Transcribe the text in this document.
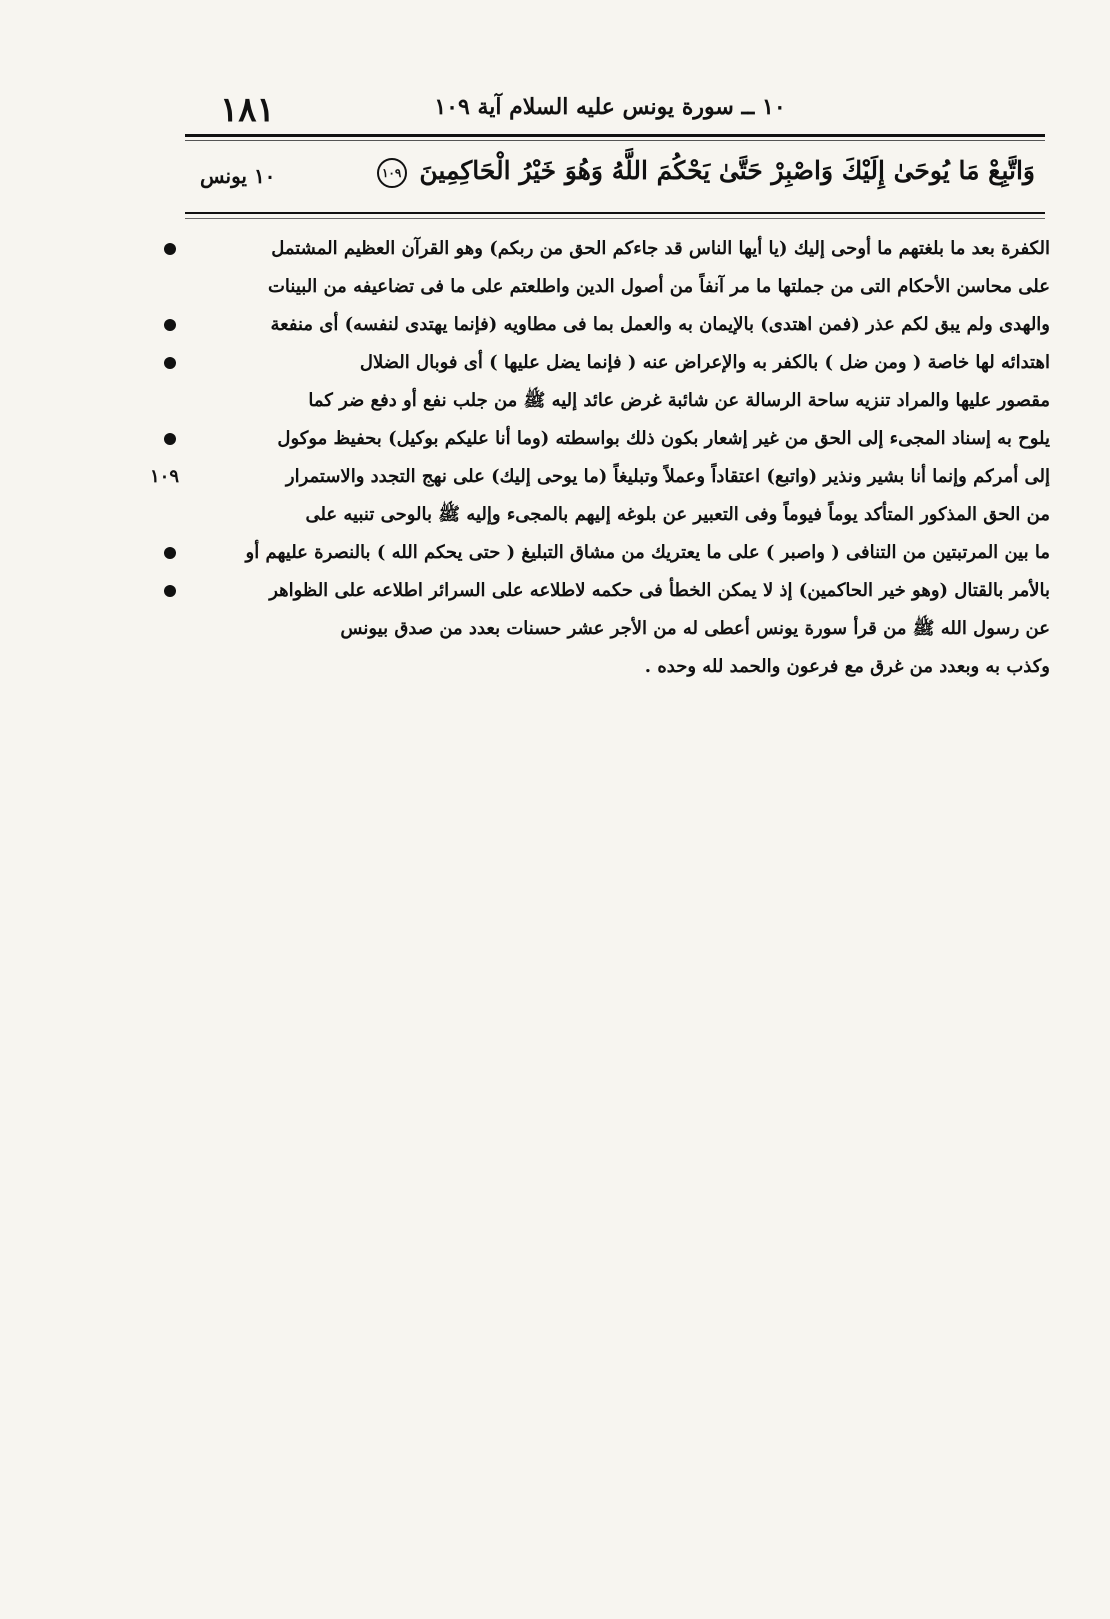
١٨١	١٠ ــ سورة يونس عليه السلام آية ١٠٩
١٠ يونس	وَاتَّبِعْ مَا يُوحَىٰ إِلَيْكَ وَاصْبِرْ حَتَّىٰ يَحْكُمَ اللَّهُ وَهُوَ خَيْرُ الْحَاكِمِينَ ١٠٩
الكفرة بعد ما بلغتهم ما أوحى إليك (يا أيها الناس قد جاءكم الحق من ربكم) وهو القرآن العظيم المشتمل
على محاسن الأحكام التى من جملتها ما مر آنفاً من أصول الدين واطلعتم على ما فى تضاعيفه من البينات
والهدى ولم يبق لكم عذر (فمن اهتدى) بالإيمان به والعمل بما فى مطاويه (فإنما يهتدى لنفسه) أى منفعة
اهتدائه لها خاصة ( ومن ضل ) بالكفر به والإعراض عنه ( فإنما يضل عليها ) أى فوبال الضلال
مقصور عليها والمراد تنزيه ساحة الرسالة عن شائبة غرض عائد إليه ﷺ من جلب نفع أو دفع ضر كما
يلوح به إسناد المجىء إلى الحق من غير إشعار بكون ذلك بواسطته (وما أنا عليكم بوكيل) بحفيظ موكول
١٠٩	إلى أمركم وإنما أنا بشير ونذير (واتبع) اعتقاداً وعملاً وتبليغاً (ما يوحى إليك) على نهج التجدد والاستمرار
من الحق المذكور المتأكد يوماً فيوماً وفى التعبير عن بلوغه إليهم بالمجىء وإليه ﷺ بالوحى تنبيه على
ما بين المرتبتين من التنافى ( واصبر ) على ما يعتريك من مشاق التبليغ ( حتى يحكم الله ) بالنصرة عليهم أو
بالأمر بالقتال (وهو خير الحاكمين) إذ لا يمكن الخطأ فى حكمه لاطلاعه على السرائر اطلاعه على الظواهر
عن رسول الله ﷺ من قرأ سورة يونس أعطى له من الأجر عشر حسنات بعدد من صدق بيونس
وكذب به وبعدد من غرق مع فرعون والحمد لله وحده .
